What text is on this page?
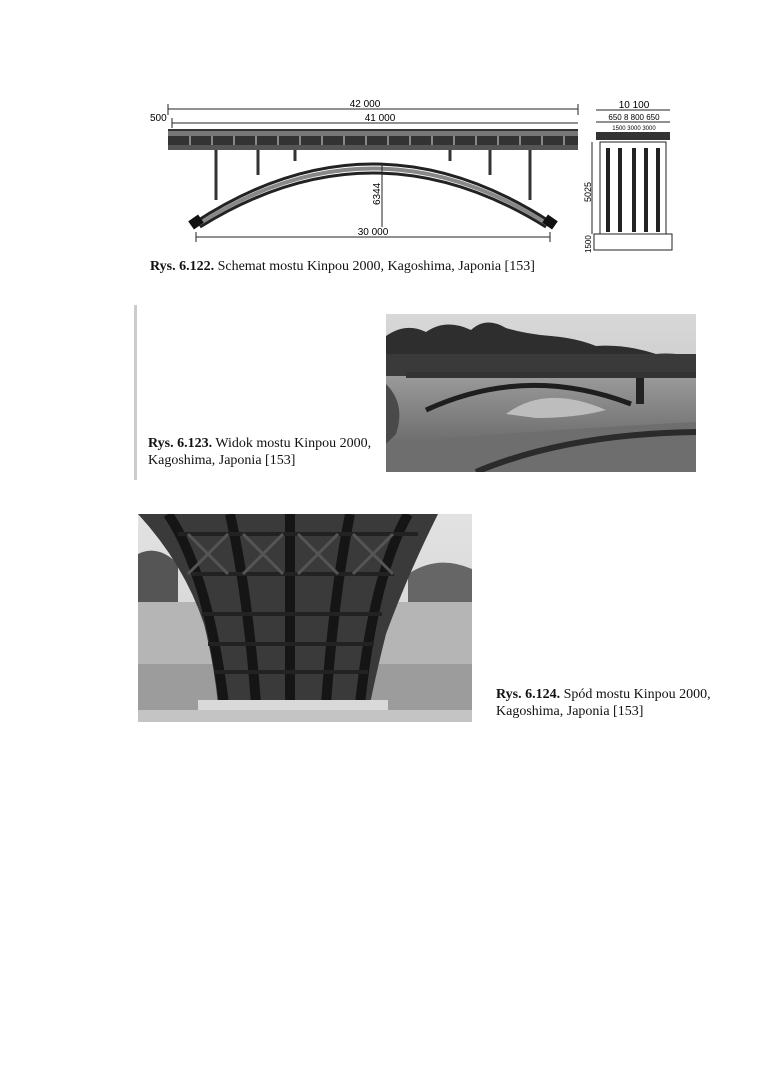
42 000
41 000
500
6344
30 000
10 100
650 8 800 650
1500 3000 3000
5025
1500
Rys. 6.122. Schemat mostu Kinpou 2000, Kagoshima, Japonia [153]
Rys. 6.123. Widok mostu Kinpou 2000,
Kagoshima, Japonia [153]
Rys. 6.124. Spód mostu Kinpou 2000,
Kagoshima, Japonia [153]
